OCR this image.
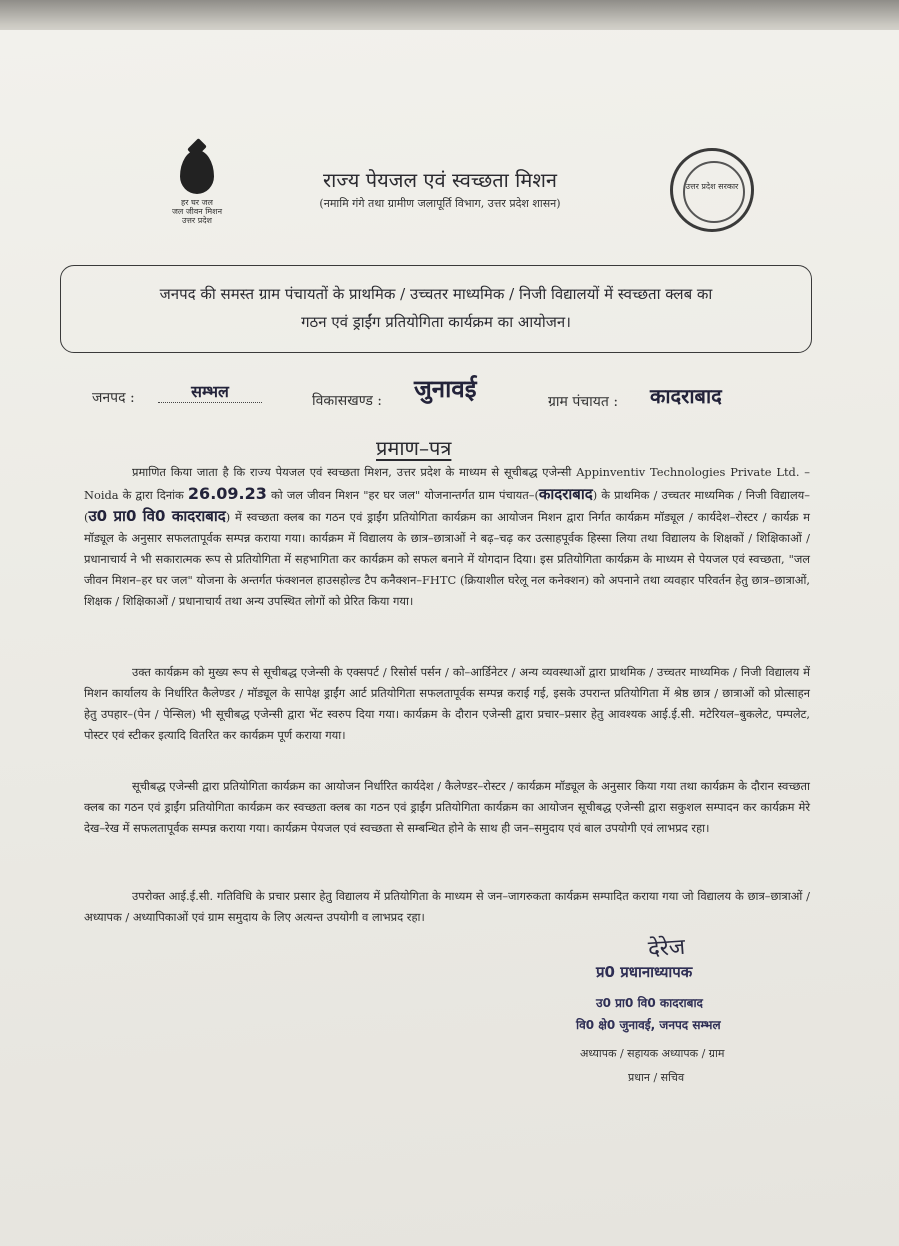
हर घर जल
जल जीवन मिशन
उत्तर प्रदेश
राज्य पेयजल एवं स्वच्छता मिशन
(नमामि गंगे तथा ग्रामीण जलापूर्ति विभाग, उत्तर प्रदेश शासन)
उत्तर प्रदेश सरकार
जनपद की समस्त ग्राम पंचायतों के प्राथमिक / उच्चतर माध्यमिक / निजी विद्यालयों में स्वच्छता क्लब का
गठन एवं ड्राईंग प्रतियोगिता कार्यक्रम का आयोजन।
जनपद :	सम्भल	विकासखण्ड : जुनावई	ग्राम पंचायत : कादराबाद
प्रमाण–पत्र

प्रमाणित किया जाता है कि राज्य पेयजल एवं स्वच्छता मिशन, उत्तर प्रदेश के माध्यम से सूचीबद्ध एजेन्सी Appinventiv Technologies Private Ltd. – Noida के द्वारा दिनांक 26.09.23 को जल जीवन मिशन "हर घर जल" योजनान्तर्गत ग्राम पंचायत–(कादराबाद) के प्राथमिक / उच्चतर माध्यमिक / निजी विद्यालय–(उ0 प्रा0 वि0 कादराबाद) में स्वच्छता क्लब का गठन एवं ड्राईंग प्रतियोगिता कार्यक्रम का आयोजन मिशन द्वारा निर्गत कार्यक्रम मॉड्यूल / कार्यदेश–रोस्टर / कार्यक्र म मॉड्यूल के अनुसार सफलतापूर्वक सम्पन्न कराया गया। कार्यक्रम में विद्यालय के छात्र–छात्राओं ने बढ़–चढ़ कर उत्साहपूर्वक हिस्सा लिया तथा विद्यालय के शिक्षकों / शिक्षिकाओं / प्रधानाचार्य ने भी सकारात्मक रूप से प्रतियोगिता में सहभागिता कर कार्यक्रम को सफल बनाने में योगदान दिया। इस प्रतियोगिता कार्यक्रम के माध्यम से पेयजल एवं स्वच्छता, "जल जीवन मिशन–हर घर जल" योजना के अन्तर्गत फंक्शनल हाउसहोल्ड टैप कनैक्शन–FHTC (क्रियाशील घरेलू नल कनेक्शन) को अपनाने तथा व्यवहार परिवर्तन हेतु छात्र–छात्राओं, शिक्षक / शिक्षिकाओं / प्रधानाचार्य तथा अन्य उपस्थित लोगों को प्रेरित किया गया।

उक्त कार्यक्रम को मुख्य रूप से सूचीबद्ध एजेन्सी के एक्सपर्ट / रिसोर्स पर्सन / को–आर्डिनेटर / अन्य व्यवस्थाओं द्वारा प्राथमिक / उच्चतर माध्यमिक / निजी विद्यालय में मिशन कार्यालय के निर्धारित कैलेण्डर / मॉड्यूल के सापेक्ष ड्राईंग आर्ट प्रतियोगिता सफलतापूर्वक सम्पन्न कराई गई, इसके उपरान्त प्रतियोगिता में श्रेष्ठ छात्र / छात्राओं को प्रोत्साहन हेतु उपहार–(पेन / पेन्सिल) भी सूचीबद्ध एजेन्सी द्वारा भेंट स्वरुप दिया गया। कार्यक्रम के दौरान एजेन्सी द्वारा प्रचार–प्रसार हेतु आवश्यक आई.ई.सी. मटेरियल–बुकलेट, पम्पलेट, पोस्टर एवं स्टीकर इत्यादि वितरित कर कार्यक्रम पूर्ण कराया गया।

सूचीबद्ध एजेन्सी द्वारा प्रतियोगिता कार्यक्रम का आयोजन निर्धारित कार्यदेश / कैलेण्डर–रोस्टर / कार्यक्रम मॉड्यूल के अनुसार किया गया तथा कार्यक्रम के दौरान स्वच्छता क्लब का गठन एवं ड्राईंग प्रतियोगिता कार्यक्रम कर स्वच्छता क्लब का गठन एवं ड्राईंग प्रतियोगिता कार्यक्रम का आयोजन सूचीबद्ध एजेन्सी द्वारा सकुशल सम्पादन कर कार्यक्रम मेरे देख–रेख में सफलतापूर्वक सम्पन्न कराया गया। कार्यक्रम पेयजल एवं स्वच्छता से सम्बन्धित होने के साथ ही जन–समुदाय एवं बाल उपयोगी एवं लाभप्रद रहा।

उपरोक्त आई.ई.सी. गतिविधि के प्रचार प्रसार हेतु विद्यालय में प्रतियोगिता के माध्यम से जन–जागरुकता कार्यक्रम सम्पादित कराया गया जो विद्यालय के छात्र–छात्राओं / अध्यापक / अध्यापिकाओं एवं ग्राम समुदाय के लिए अत्यन्त उपयोगी व लाभप्रद रहा।

देरेज
प्र0 प्रधानाध्यापक
उ0 प्रा0 वि0 कादराबाद
वि0 क्षे0 जुनावई, जनपद सम्भल
अध्यापक / सहायक अध्यापक / ग्राम
प्रधान / सचिव
